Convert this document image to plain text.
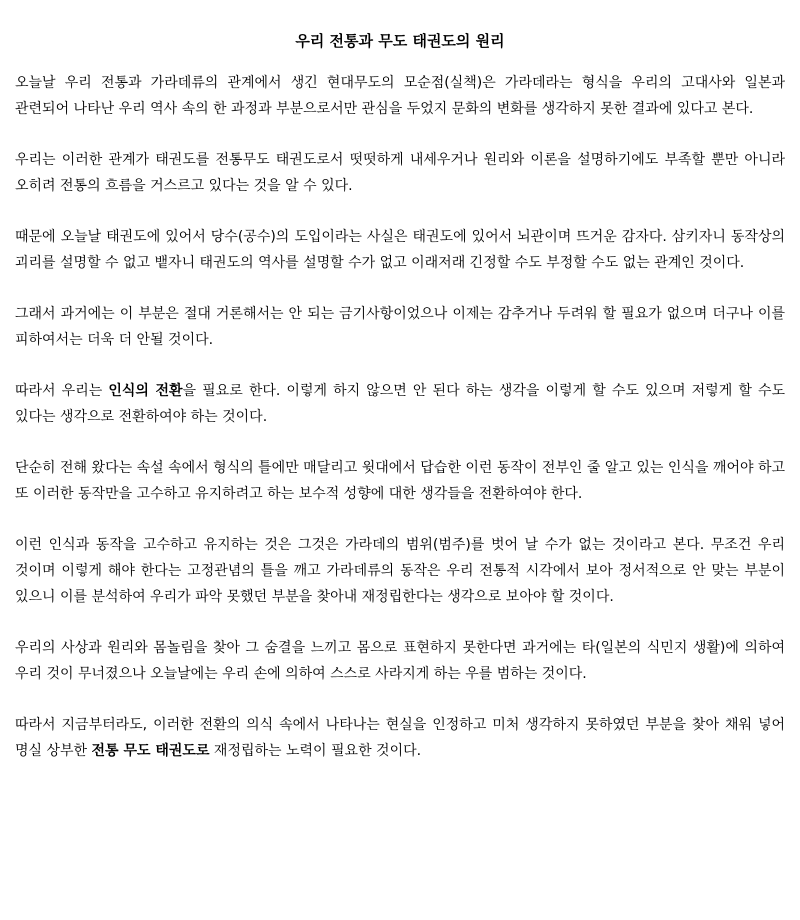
우리 전통과 무도 태권도의 원리

오늘날 우리 전통과 가라데류의 관계에서 생긴 현대무도의 모순점(실책)은 가라데라는 형식을 우리의 고대사와 일본과 관련되어 나타난 우리 역사 속의 한 과정과 부분으로서만 관심을 두었지 문화의 변화를 생각하지 못한 결과에 있다고 본다.

우리는 이러한 관계가 태권도를 전통무도 태권도로서 떳떳하게 내세우거나 원리와 이론을 설명하기에도 부족할 뿐만 아니라 오히려 전통의 흐름을 거스르고 있다는 것을 알 수 있다.

때문에 오늘날 태권도에 있어서 당수(공수)의 도입이라는 사실은 태권도에 있어서 뇌관이며 뜨거운 감자다. 삼키자니 동작상의 괴리를 설명할 수 없고 뱉자니 태권도의 역사를 설명할 수가 없고 이래저래 긴정할 수도 부정할 수도 없는 관계인 것이다.

그래서 과거에는 이 부분은 절대 거론해서는 안 되는 금기사항이었으나 이제는 감추거나 두려워 할 필요가 없으며 더구나 이를 피하여서는 더욱 더 안될 것이다.

따라서 우리는 인식의 전환을 필요로 한다. 이렇게 하지 않으면 안 된다 하는 생각을 이렇게 할 수도 있으며 저렇게 할 수도 있다는 생각으로 전환하여야 하는 것이다.

단순히 전해 왔다는 속설 속에서 형식의 틀에만 매달리고 윗대에서 답습한 이런 동작이 전부인 줄 알고 있는 인식을 깨어야 하고 또 이러한 동작만을 고수하고 유지하려고 하는 보수적 성향에 대한 생각들을 전환하여야 한다.

이런 인식과 동작을 고수하고 유지하는 것은 그것은 가라데의 범위(범주)를 벗어 날 수가 없는 것이라고 본다. 무조건 우리 것이며 이렇게 해야 한다는 고정관념의 틀을 깨고 가라데류의 동작은 우리 전통적 시각에서 보아 정서적으로 안 맞는 부분이 있으니 이를 분석하여 우리가 파악 못했던 부분을 찾아내 재정립한다는 생각으로 보아야 할 것이다.

우리의 사상과 원리와 몸놀림을 찾아 그 숨결을 느끼고 몸으로 표현하지 못한다면 과거에는 타(일본의 식민지 생활)에 의하여 우리 것이 무너졌으나 오늘날에는 우리 손에 의하여 스스로 사라지게 하는 우를 범하는 것이다.

따라서 지금부터라도, 이러한 전환의 의식 속에서 나타나는 현실을 인정하고 미처 생각하지 못하였던 부분을 찾아 채워 넣어 명실 상부한 전통 무도 태권도로 재정립하는 노력이 필요한 것이다.
